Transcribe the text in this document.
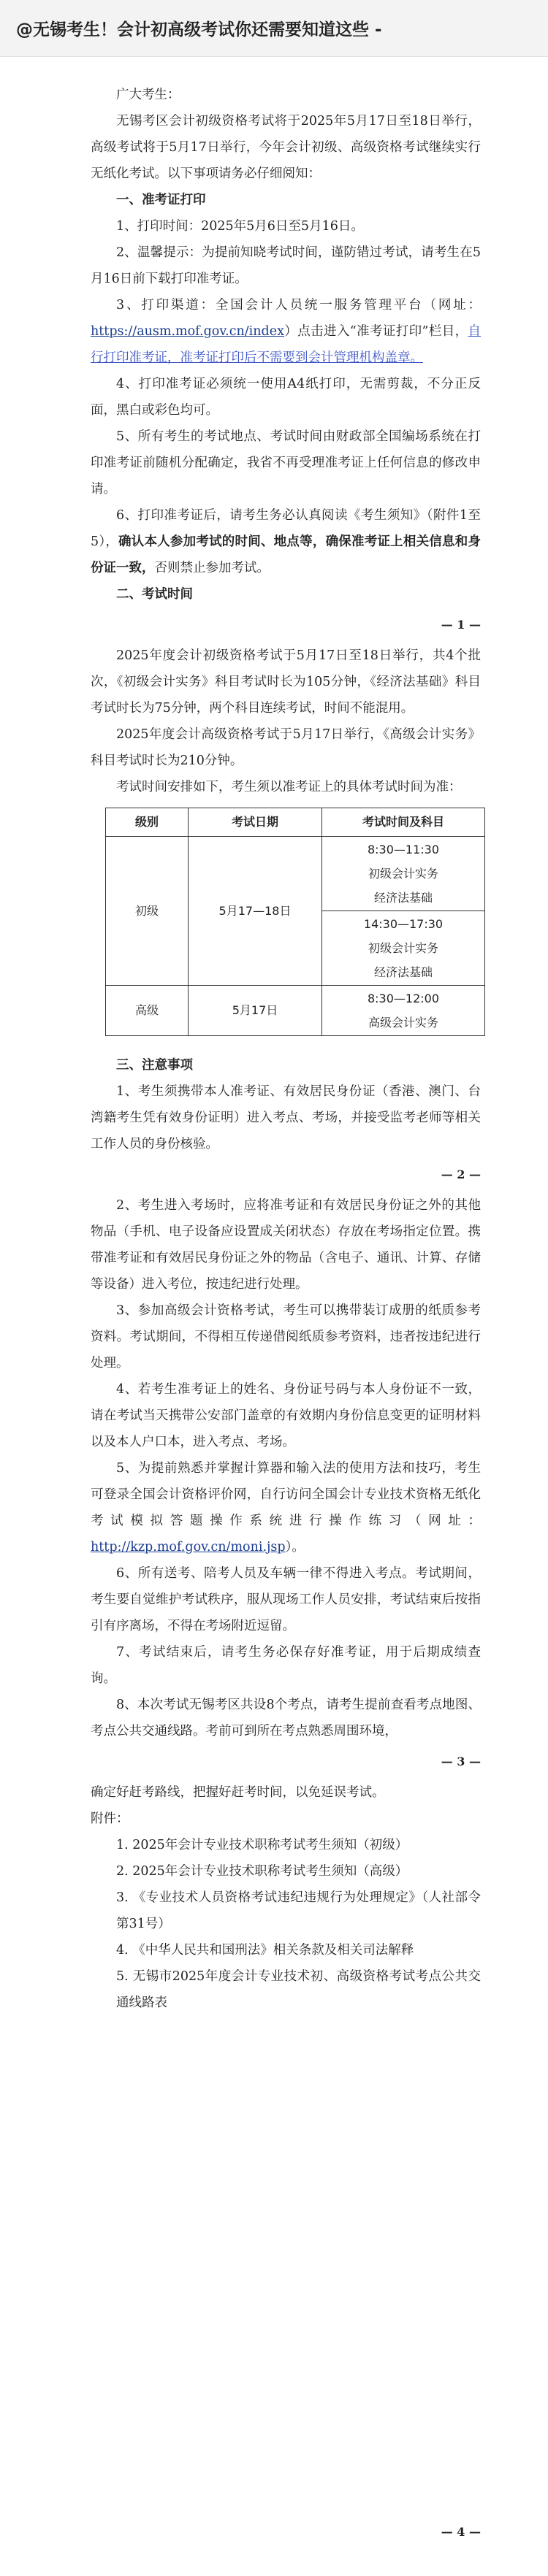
@无锡考生！会计初高级考试你还需要知道这些 -

广大考生：

无锡考区会计初级资格考试将于2025年5月17日至18日举行，高级考试将于5月17日举行，今年会计初级、高级资格考试继续实行无纸化考试。以下事项请务必仔细阅知：

一、准考证打印

1、打印时间：2025年5月6日至5月16日。

2、温馨提示：为提前知晓考试时间，谨防错过考试，请考生在5月16日前下载打印准考证。

3、打印渠道：全国会计人员统一服务管理平台（网址：https://ausm.mof.gov.cn/index）点击进入“准考证打印”栏目，自行打印准考证，准考证打印后不需要到会计管理机构盖章。

4、打印准考证必须统一使用A4纸打印，无需剪裁，不分正反面，黑白或彩色均可。

5、所有考生的考试地点、考试时间由财政部全国编场系统在打印准考证前随机分配确定，我省不再受理准考证上任何信息的修改申请。

6、打印准考证后，请考生务必认真阅读《考生须知》（附件1至5），确认本人参加考试的时间、地点等，确保准考证上相关信息和身份证一致，否则禁止参加考试。

二、考试时间

— 1 —

2025年度会计初级资格考试于5月17日至18日举行，共4个批次，《初级会计实务》科目考试时长为105分钟，《经济法基础》科目考试时长为75分钟，两个科目连续考试，时间不能混用。

2025年度会计高级资格考试于5月17日举行，《高级会计实务》科目考试时长为210分钟。

考试时间安排如下，考生须以准考证上的具体考试时间为准：

级别	考试日期	考试时间及科目
初级	5月17—18日	8:30—11:30
初级会计实务
经济法基础

		14:30—17:30
初级会计实务
经济法基础

高级	5月17日	8:30—12:00
高级会计实务

三、注意事项

1、考生须携带本人准考证、有效居民身份证（香港、澳门、台湾籍考生凭有效身份证明）进入考点、考场，并接受监考老师等相关工作人员的身份核验。

— 2 —

2、考生进入考场时，应将准考证和有效居民身份证之外的其他物品（手机、电子设备应设置成关闭状态）存放在考场指定位置。携带准考证和有效居民身份证之外的物品（含电子、通讯、计算、存储等设备）进入考位，按违纪进行处理。

3、参加高级会计资格考试，考生可以携带装订成册的纸质参考资料。考试期间，不得相互传递借阅纸质参考资料，违者按违纪进行处理。

4、若考生准考证上的姓名、身份证号码与本人身份证不一致，请在考试当天携带公安部门盖章的有效期内身份信息变更的证明材料以及本人户口本，进入考点、考场。

5、为提前熟悉并掌握计算器和输入法的使用方法和技巧，考生可登录全国会计资格评价网，自行访问全国会计专业技术资格无纸化考试模拟答题操作系统进行操作练习（网址：http://kzp.mof.gov.cn/moni.jsp）。

6、所有送考、陪考人员及车辆一律不得进入考点。考试期间，考生要自觉维护考试秩序，服从现场工作人员安排，考试结束后按指引有序离场，不得在考场附近逗留。

7、考试结束后，请考生务必保存好准考证，用于后期成绩查询。

8、本次考试无锡考区共设8个考点，请考生提前查看考点地图、考点公共交通线路。考前可到所在考点熟悉周围环境，

— 3 —

确定好赶考路线，把握好赶考时间，以免延误考试。

附件：

1. 2025年会计专业技术职称考试考生须知（初级）

2. 2025年会计专业技术职称考试考生须知（高级）

3. 《专业技术人员资格考试违纪违规行为处理规定》（人社部令第31号）

4. 《中华人民共和国刑法》相关条款及相关司法解释

5. 无锡市2025年度会计专业技术初、高级资格考试考点公共交通线路表

— 4 —
